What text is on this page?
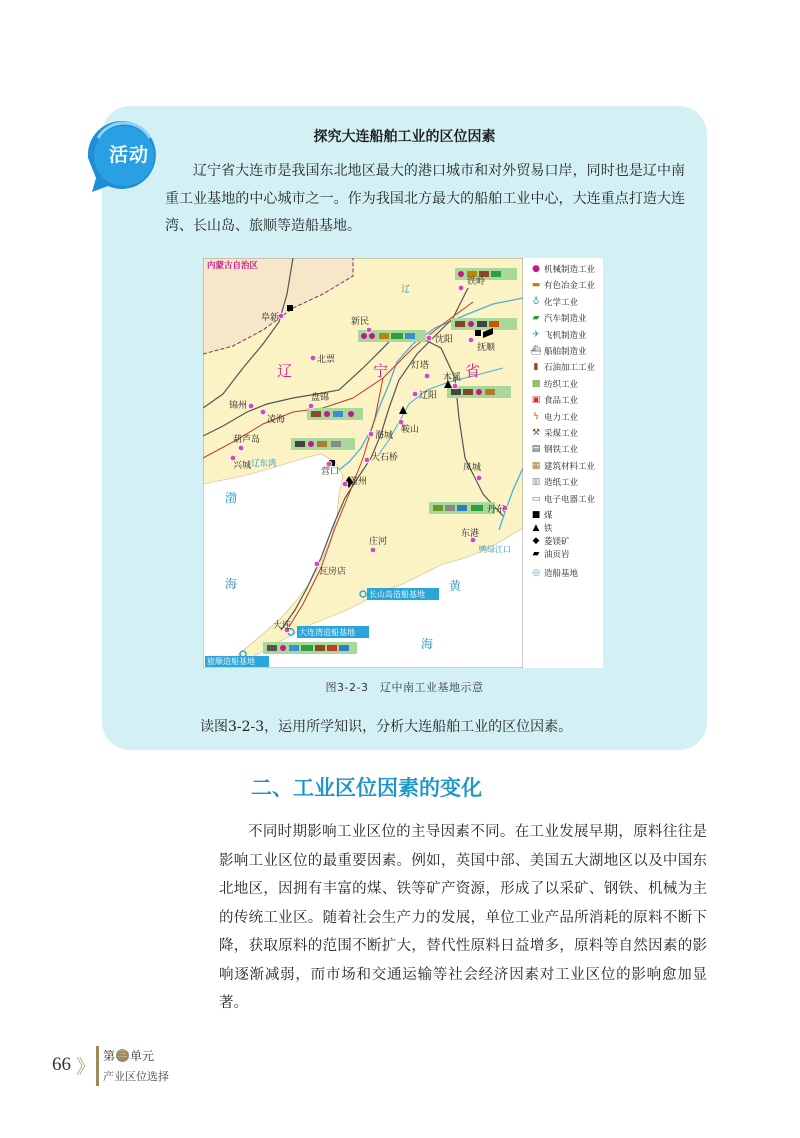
活动
探究大连船舶工业的区位因素
辽宁省大连市是我国东北地区最大的港口城市和对外贸易口岸，同时也是辽中南重工业基地的中心城市之一。作为我国北方最大的船舶工业中心，大连重点打造大连湾、长山岛、旅顺等造船基地。
内蒙古自治区
辽
辽	宁	省
辽东湾
渤
海	黄
海
鸭绿江口
长山岛造船基地
大连湾造船基地
旅顺造船基地
铁岭
阜新	新民
沈阳
抚顺
北票
灯塔
本溪
锦州
凌海
盘锦	辽阳
鞍山
葫芦岛	海城
兴城
营口
大石桥
盖州
凤城
丹东
东港
庄河
瓦房店
大连
● 机械制造工业
▬ 有色冶金工业
♁ 化学工业
▰ 汽车制造业
✈ 飞机制造业
⛴ 船舶制造业
▮ 石油加工工业
▩ 纺织工业
▣ 食品工业
ϟ 电力工业
⚒ 采煤工业
▤ 钢铁工业
▦ 建筑材料工业
▥ 造纸工业
▭ 电子电器工业
■ 煤
▲ 铁
◆ 菱镁矿
▰ 油页岩
◎ 造船基地
图3-2-3　辽中南工业基地示意
读图3-2-3，运用所学知识，分析大连船舶工业的区位因素。
二、工业区位因素的变化
不同时期影响工业区位的主导因素不同。在工业发展早期，原料往往是影响工业区位的最重要因素。例如，英国中部、美国五大湖地区以及中国东北地区，因拥有丰富的煤、铁等矿产资源，形成了以采矿、钢铁、机械为主的传统工业区。随着社会生产力的发展，单位工业产品所消耗的原料不断下降，获取原料的范围不断扩大，替代性原料日益增多，原料等自然因素的影响逐渐减弱，而市场和交通运输等社会经济因素对工业区位的影响愈加显著。
66 》 第 三 单元
产业区位选择
